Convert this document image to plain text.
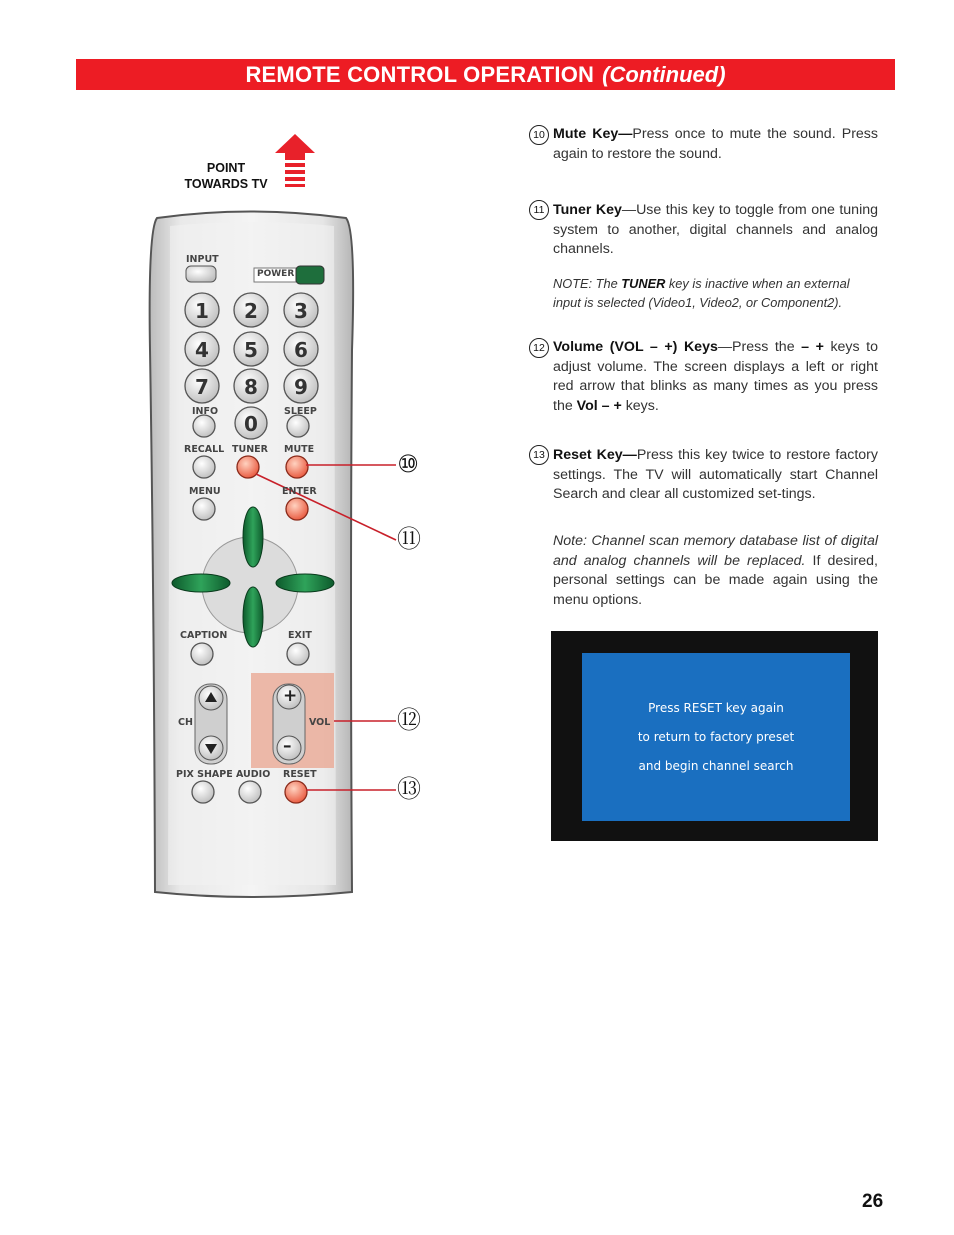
REMOTE CONTROL OPERATION (Continued)
POINT
TOWARDS TV
1 2 3
4 5 6
7 8 9
0
INPUT
POWER
INFO	SLEEP
RECALL TUNER MUTE
MENU	ENTER
CAPTION	EXIT
CH	VOL
+
–
PIX SHAPE AUDIO RESET
⑩
⑪
⑫
⑬
10 Mute Key—Press once to mute the sound. Press again to restore the sound.
11 Tuner Key—Use this key to toggle from one tuning system to another, digital channels and analog channels.
NOTE: The TUNER key is inactive when an external input is selected (Video1, Video2, or Component2).
12 Volume (VOL – +) Keys—Press the – + keys to adjust volume. The screen displays a left or right red arrow that blinks as many times as you press the Vol – + keys.
13 Reset Key—Press this key twice to restore factory settings. The TV will automatically start Channel Search and clear all customized set-tings.
Note: Channel scan memory database list of digital and analog channels will be replaced. If desired, personal settings can be made again using the menu options.
Press RESET key again
to return to factory preset
and begin channel search
26
